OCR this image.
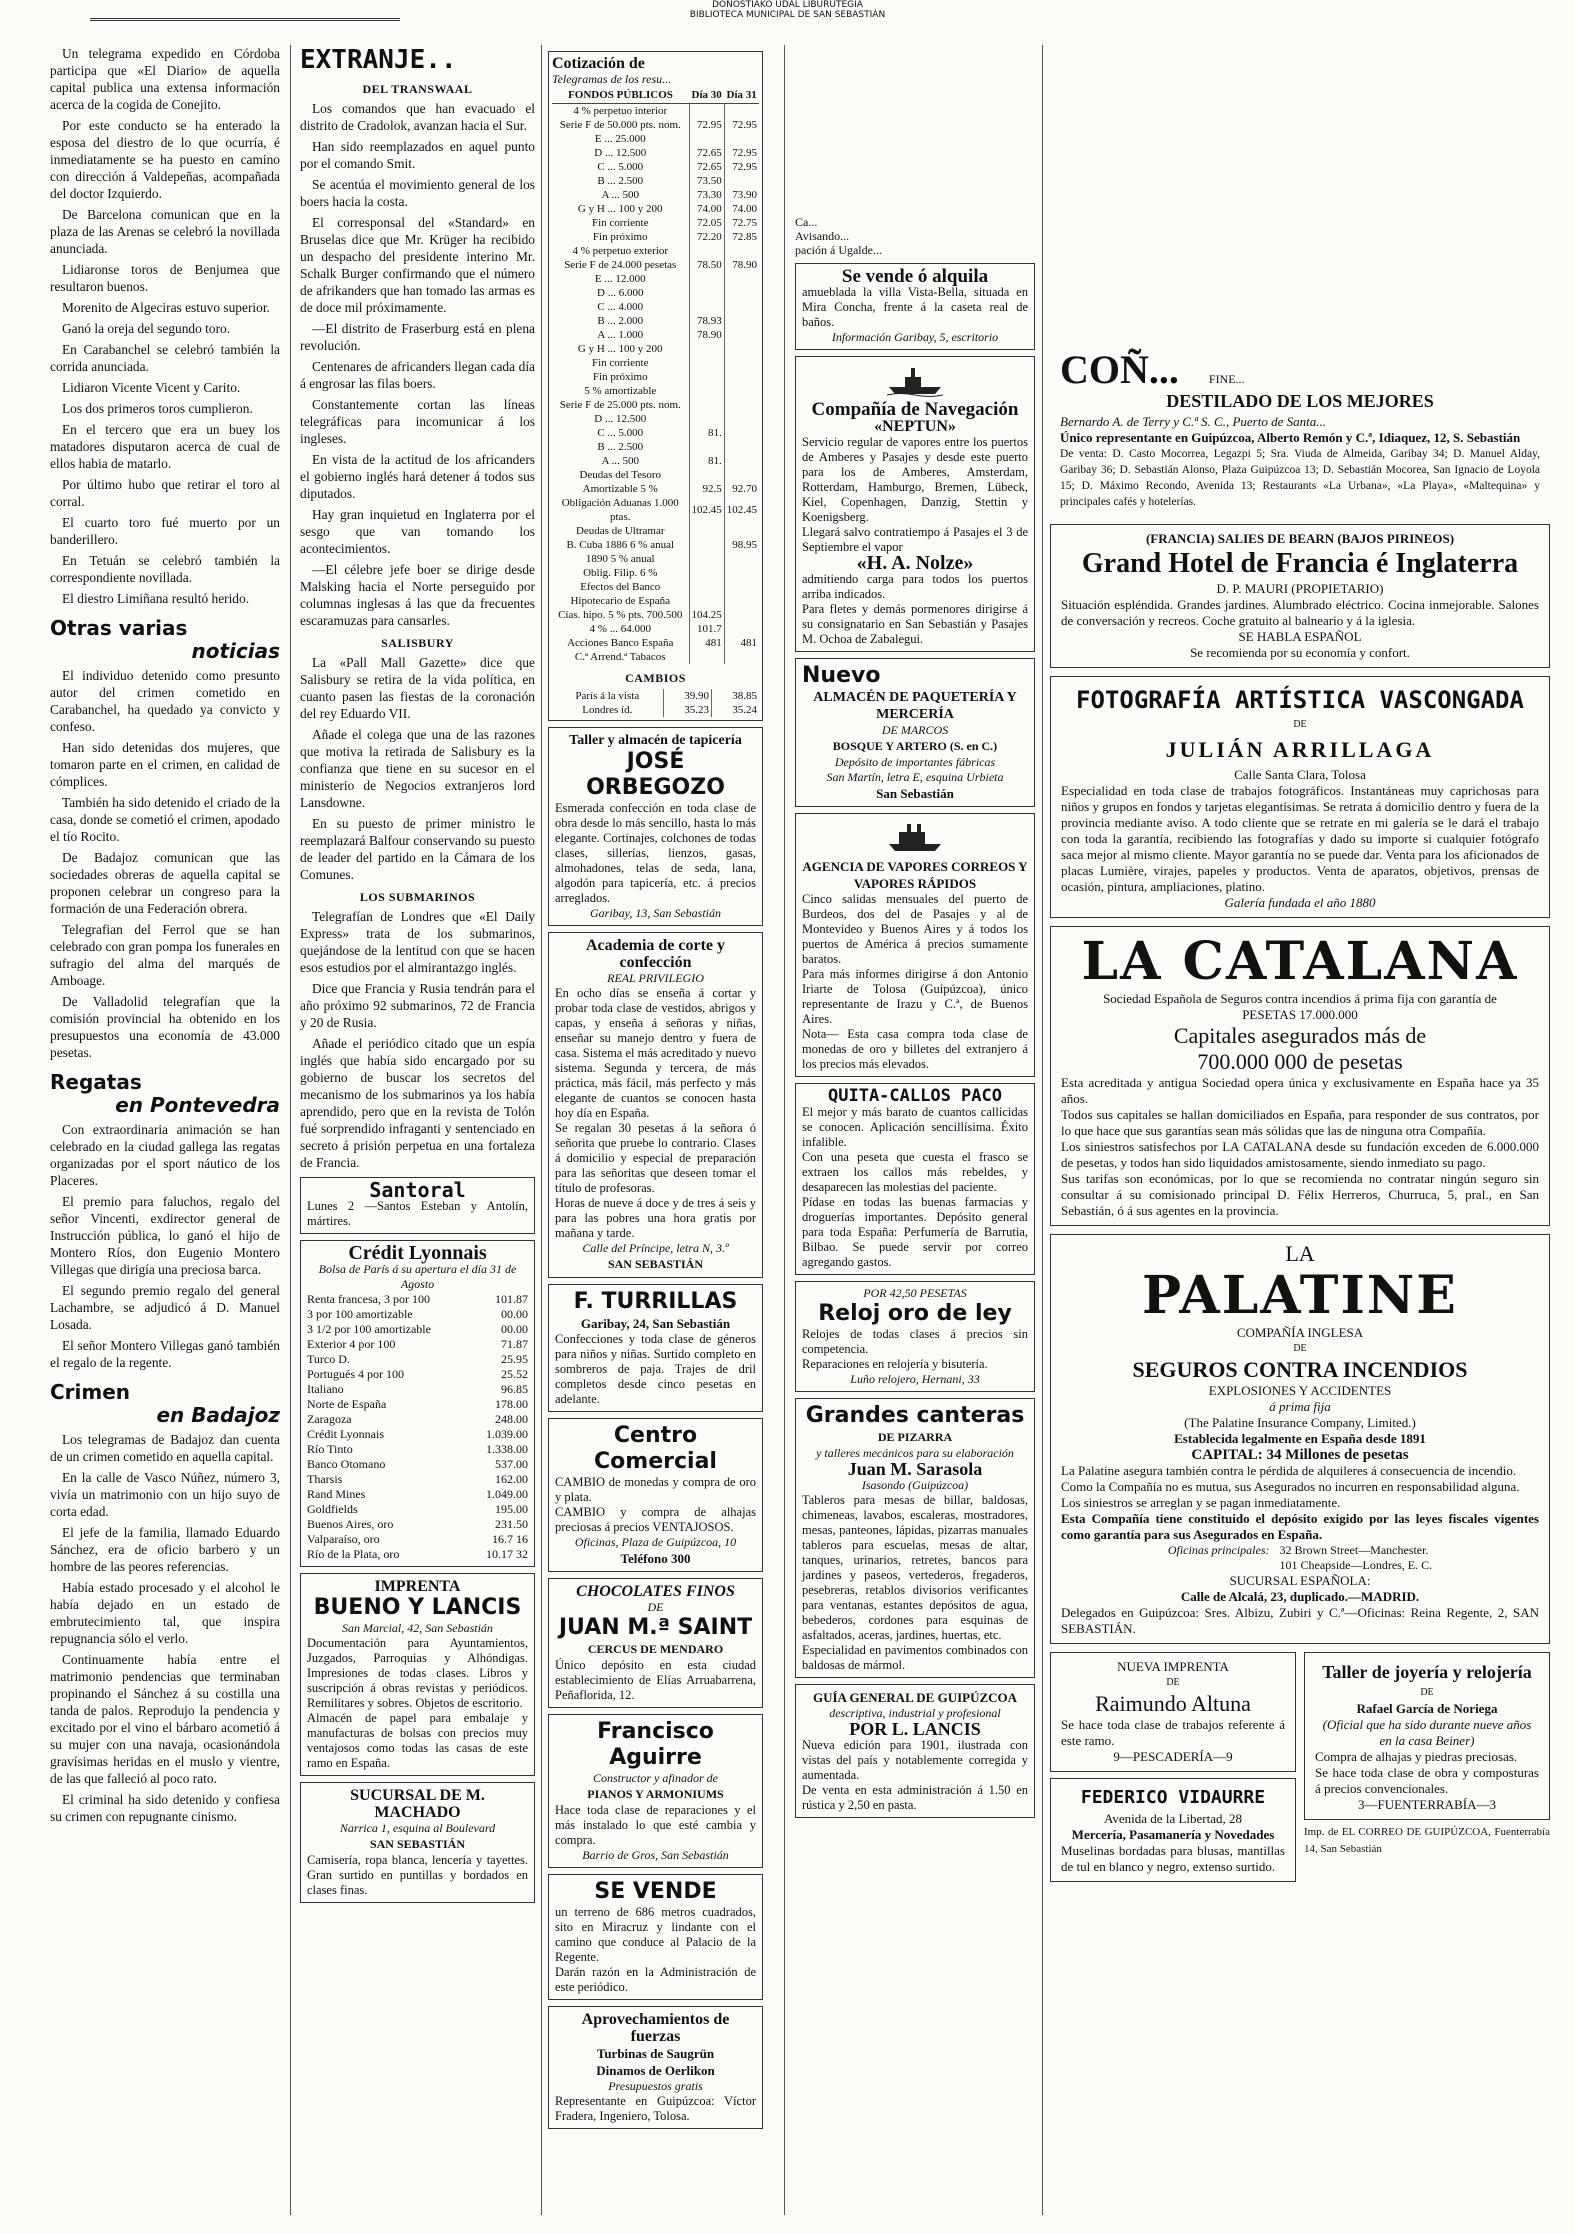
DONOSTIAKO UDAL LIBURUTEGIA
BIBLIOTECA MUNICIPAL DE SAN SEBASTIÁN

Un telegrama expedido en Córdoba participa que «El Diario» de aquella capital publica una extensa información acerca de la cogida de Conejito.

Por este conducto se ha enterado la esposa del diestro de lo que ocurría, é inmediatamente se ha puesto en camino con dirección á Valdepeñas, acompañada del doctor Izquierdo.

De Barcelona comunican que en la plaza de las Arenas se celebró la novillada anunciada.

Lidiaronse toros de Benjumea que resultaron buenos.

Morenito de Algeciras estuvo superior.

Ganó la oreja del segundo toro.

En Carabanchel se celebró también la corrida anunciada.

Lidiaron Vicente Vicent y Carito.

Los dos primeros toros cumplieron.

En el tercero que era un buey los matadores disputaron acerca de cual de ellos habia de matarlo.

Por último hubo que retirar el toro al corral.

El cuarto toro fué muerto por un banderillero.

En Tetuán se celebró también la correspondiente novillada.

El diestro Limiñana resultó herido.

Otras varias
noticias

El individuo detenido como presunto autor del crimen cometido en Carabanchel, ha quedado ya convicto y confeso.

Han sido detenidas dos mujeres, que tomaron parte en el crimen, en calidad de cómplices.

También ha sido detenido el criado de la casa, donde se cometió el crimen, apodado el tío Rocito.

De Badajoz comunican que las sociedades obreras de aquella capital se proponen celebrar un congreso para la formación de una Federación obrera.

Telegrafian del Ferrol que se han celebrado con gran pompa los funerales en sufragio del alma del marqués de Amboage.

De Valladolid telegrafían que la comisión provincial ha obtenido en los presupuestos una economía de 43.000 pesetas.

Regatas
en Pontevedra

Con extraordinaria animación se han celebrado en la ciudad gallega las regatas organizadas por el sport náutico de los Placeres.

El premio para faluchos, regalo del señor Vincenti, exdirector general de Instrucción pública, lo ganó el hijo de Montero Ríos, don Eugenio Montero Villegas que dirigía una preciosa barca.

El segundo premio regalo del general Lachambre, se adjudicó á D. Manuel Losada.

El señor Montero Villegas ganó también el regalo de la regente.

Crimen
en Badajoz

Los telegramas de Badajoz dan cuenta de un crimen cometido en aquella capital.

En la calle de Vasco Núñez, número 3, vivía un matrimonio con un hijo suyo de corta edad.

El jefe de la familia, llamado Eduardo Sánchez, era de oficio barbero y un hombre de las peores referencias.

Había estado procesado y el alcohol le había dejado en un estado de embrutecimiento tal, que inspira repugnancia sólo el verlo.

Continuamente había entre el matrimonio pendencias que terminaban propinando el Sánchez á su costilla una tanda de palos. Reprodujo la pendencia y excitado por el vino el bárbaro acometió á su mujer con una navaja, ocasionándola gravísimas heridas en el muslo y vientre, de las que falleció al poco rato.

El criminal ha sido detenido y confiesa su crimen con repugnante cinismo.

EXTRANJE..
DEL TRANSWAAL

Los comandos que han evacuado el distrito de Cradolok, avanzan hacia el Sur.

Han sido reemplazados en aquel punto por el comando Smit.

Se acentúa el movimiento general de los boers hacia la costa.

El corresponsal del «Standard» en Bruselas dice que Mr. Krüger ha recibido un despacho del presidente interino Mr. Schalk Burger confirmando que el número de afrikanders que han tomado las armas es de doce mil próximamente.

—El distrito de Fraserburg está en plena revolución.

Centenares de africanders llegan cada día á engrosar las filas boers.

Constantemente cortan las líneas telegráficas para incomunicar á los ingleses.

En vista de la actitud de los africanders el gobierno inglés hará detener á todos sus diputados.

Hay gran inquietud en Inglaterra por el sesgo que van tomando los acontecimientos.

—El célebre jefe boer se dirige desde Malsking hacia el Norte perseguido por columnas inglesas á las que da frecuentes escaramuzas para cansarles.

SALISBURY

La «Pall Mall Gazette» dice que Salisbury se retira de la vida política, en cuanto pasen las fiestas de la coronación del rey Eduardo VII.

Añade el colega que una de las razones que motiva la retirada de Salisbury es la confianza que tiene en su sucesor en el ministerio de Negocios extranjeros lord Lansdowne.

En su puesto de primer ministro le reemplazará Balfour conservando su puesto de leader del partido en la Cámara de los Comunes.

LOS SUBMARINOS

Telegrafían de Londres que «El Daily Express» trata de los submarinos, quejándose de la lentitud con que se hacen esos estudios por el almirantazgo inglés.

Dice que Francia y Rusia tendrán para el año próximo 92 submarinos, 72 de Francia y 20 de Rusia.

Añade el periódico citado que un espía inglés que había sido encargado por su gobierno de buscar los secretos del mecanismo de los submarinos ya los había aprendido, pero que en la revista de Tolón fué sorprendido infraganti y sentenciado en secreto á prisión perpetua en una fortaleza de Francia.

Santoral
Lunes 2 —Santos Esteban y Antolín, mártires.
Crédit Lyonnais
Bolsa de París á su apertura el día 31 de Agosto
Renta francesa, 3 por 100	101.87
3 por 100 amortizable	00.00
3 1/2 por 100 amortizable	00.00
Exterior 4 por 100	71.87
Turco D.	25.95
Portugués 4 por 100	25.52
Italiano	96.85
Norte de España	178.00
Zaragoza	248.00
Crédit Lyonnais	1.039.00
Río Tinto	1.338.00
Banco Otomano	537.00
Tharsis	162.00
Rand Mines	1.049.00
Goldfields	195.00
Buenos Aires, oro	231.50
Valparaíso, oro	16.7 16
Río de la Plata, oro	10.17 32
IMPRENTA
BUENO Y LANCIS
San Marcial, 42, San Sebastián
Documentación para Ayuntamientos, Juzgados, Parroquias y Alhóndigas. Impresiones de todas clases. Libros y suscripción á obras revistas y periódicos. Remilitares y sobres. Objetos de escritorio.
Almacén de papel para embalaje y manufacturas de bolsas con precios muy ventajosos como todas las casas de este ramo en España.
SUCURSAL DE M. MACHADO
Narrica 1, esquina al Boulevard
SAN SEBASTIÁN
Camisería, ropa blanca, lencería y tayettes. Gran surtido en puntillas y bordados en clases finas.
Cotización de
Telegramas de los resu...
FONDOS PÚBLICOS	Día 30	Día 31
4 % perpetuo interior		
Serie F de 50.000 pts. nom.	72.95	72.95
E ... 25.000		
D ... 12.500	72.65	72.95
C ... 5.000	72.65	72.95
B ... 2.500	73.50	
A ... 500	73.30	73.90
G y H ... 100 y 200	74.00	74.00
Fin corriente	72.05	72.75
Fin próximo	72.20	72.85
4 % perpetuo exterior		
Serie F de 24.000 pesetas	78.50	78.90
E ... 12.000		
D ... 6.000		
C ... 4.000		
B ... 2.000	78.93	
A ... 1.000	78.90	
G y H ... 100 y 200		
Fin corriente		
Fin próximo		
5 % amortizable		
Serie F de 25.000 pts. nom.		
D ... 12.500		
C ... 5.000	81.	
B ... 2.500		
A ... 500	81.	
Deudas del Tesoro		
Amortizable 5 %	92.5	92.70
Obligación Aduanas 1.000 ptas.	102.45	102.45
Deudas de Ultramar		
B. Cuba 1886 6 % anual		98.95
1890 5 % anual		
Oblig. Filip. 6 %		
Efectos del Banco Hipotecario de España		
Cías. hipo. 5 % pts. 700.500	104.25	
4 % ... 64.000	101.7	
Acciones Banco España	481	481
C.ª Arrend.ª Tabacos		
CAMBIOS
París á la vista	39.90	38.85
Londres íd.	35.23	35.24
Taller y almacén de tapicería
JOSÉ ORBEGOZO
Esmerada confección en toda clase de obra desde lo más sencillo, hasta lo más elegante. Cortinajes, colchones de todas clases, sillerías, lienzos, gasas, almohadones, telas de seda, lana, algodón para tapicería, etc. á precios arreglados.
Garibay, 13, San Sebastián
Academia de corte y confección
REAL PRIVILEGIO
En ocho días se enseña á cortar y probar toda clase de vestidos, abrigos y capas, y enseña á señoras y niñas, enseñar su manejo dentro y fuera de casa. Sistema el más acreditado y nuevo sistema. Segunda y tercera, de más práctica, más fácil, más perfecto y más elegante de cuantos se conocen hasta hoy día en España.
Se regalan 30 pesetas á la señora ó señorita que pruebe lo contrario. Clases á domicilio y especial de preparación para las señoritas que deseen tomar el título de profesoras.
Horas de nueve á doce y de tres á seis y para las pobres una hora gratis por mañana y tarde.
Calle del Príncipe, letra N, 3.º
SAN SEBASTIÁN
F. TURRILLAS
Garibay, 24, San Sebastián
Confecciones y toda clase de géneros para niños y niñas. Surtido completo en sombreros de paja. Trajes de dril completos desde cinco pesetas en adelante.
Centro Comercial
CAMBIO de monedas y compra de oro y plata.
CAMBIO y compra de alhajas preciosas á precios VENTAJOSOS.
Oficinas, Plaza de Guipúzcoa, 10
Teléfono 300
CHOCOLATES FINOS
DE
JUAN M.ª SAINT
CERCUS DE MENDARO
Único depósito en esta ciudad establecimiento de Elías Arruabarrena, Peñaflorida, 12.
Francisco Aguirre
Constructor y afinador de
PIANOS Y ARMONIUMS
Hace toda clase de reparaciones y el más instalado lo que esté cambia y compra.
Barrio de Gros, San Sebastián
SE VENDE
un terreno de 686 metros cuadrados, sito en Miracruz y lindante con el camino que conduce al Palacio de la Regente.
Darán razón en la Administración de este periódico.
Aprovechamientos de fuerzas
Turbinas de Saugrün
Dinamos de Oerlikon
Presupuestos gratis
Representante en Guipúzcoa: Víctor Fradera, Ingeniero, Tolosa.
Ca...
Avisando...
pación á Ugalde...
Se vende ó alquila
amueblada la villa Vista-Bella, situada en Mira Concha, frente á la caseta real de baños.
Información Garibay, 5, escritorio
Compañía de Navegación
«NEPTUN»
Servicio regular de vapores entre los puertos de Amberes y Pasajes y desde este puerto para los de Amberes, Amsterdam, Rotterdam, Hamburgo, Bremen, Lübeck, Kiel, Copenhagen, Danzig, Stettin y Koenigsberg.
Llegará salvo contratiempo á Pasajes el 3 de Septiembre el vapor
«H. A. Nolze»
admitiendo carga para todos los puertos arriba indicados.
Para fletes y demás pormenores dirigirse á su consignatario en San Sebastián y Pasajes M. Ochoa de Zabalegui.
Nuevo
ALMACÉN DE PAQUETERÍA Y MERCERÍA
DE MARCOS
BOSQUE Y ARTERO (S. en C.)
Depósito de importantes fábricas
San Martín, letra E, esquina Urbieta
San Sebastián
AGENCIA DE VAPORES CORREOS Y VAPORES RÁPIDOS
Cinco salidas mensuales del puerto de Burdeos, dos del de Pasajes y al de Montevideo y Buenos Aires y á todos los puertos de América á precios sumamente baratos.
Para más informes dirigirse á don Antonio Iriarte de Tolosa (Guipúzcoa), único representante de Irazu y C.ª, de Buenos Aires.
Nota— Esta casa compra toda clase de monedas de oro y billetes del extranjero á los precios más elevados.
QUITA-CALLOS PACO
El mejor y más barato de cuantos callicidas se conocen. Aplicación sencillísima. Éxito infalible.
Con una peseta que cuesta el frasco se extraen los callos más rebeldes, y desaparecen las molestias del paciente.
Pídase en todas las buenas farmacias y droguerías importantes. Depósito general para toda España: Perfumería de Barrutia, Bilbao. Se puede servir por correo agregando gastos.
POR 42,50 PESETAS
Reloj oro de ley
Relojes de todas clases á precios sin competencia.
Reparaciones en relojería y bisutería.
Luño relojero, Hernani, 33
Grandes canteras
DE PIZARRA
y talleres mecánicos para su elaboración
Juan M. Sarasola
Isasondo (Guipúzcoa)
Tableros para mesas de billar, baldosas, chimeneas, lavabos, escaleras, mostradores, mesas, panteones, lápidas, pizarras manuales tableros para escuelas, mesas de altar, tanques, urinarios, retretes, bancos para jardines y paseos, vertederos, fregaderos, pesebreras, retablos divisorios verificantes para ventanas, estantes depósitos de agua, bebederos, cordones para esquinas de asfaltados, aceras, jardines, huertas, etc.
Especialidad en pavimentos combinados con baldosas de mármol.
GUÍA GENERAL DE GUIPÚZCOA
descriptiva, industrial y profesional
POR L. LANCIS
Nueva edición para 1901, ilustrada con vistas del país y notablemente corregida y aumentada.
De venta en esta administración á 1.50 en rústica y 2,50 en pasta.
COÑ...	FINE...
DESTILADO DE LOS MEJORES
Bernardo A. de Terry y C.ª S. C., Puerto de Santa...
Único representante en Guipúzcoa, Alberto Remón y C.ª, Idiaquez, 12, S. Sebastián
De venta: D. Casto Mocorrea, Legazpi 5; Sra. Viuda de Almeida, Garibay 34; D. Manuel Alday, Garibay 36; D. Sebastián Alonso, Plaza Guipúzcoa 13; D. Sebastián Mocorea, San Ignacio de Loyola 15; D. Máximo Recondo, Avenida 13; Restaurants «La Urbana», «La Playa», «Maltequina» y principales cafés y hotelerías.
(FRANCIA) SALIES DE BEARN (BAJOS PIRINEOS)
Grand Hotel de Francia é Inglaterra
D. P. MAURI (PROPIETARIO)
Situación espléndida. Grandes jardines. Alumbrado eléctrico. Cocina inmejorable. Salones de conversación y recreos. Coche gratuito al balneario y á la iglesia.
SE HABLA ESPAÑOL
Se recomienda por su economía y confort.
FOTOGRAFÍA ARTÍSTICA VASCONGADA
DE
JULIÁN ARRILLAGA
Calle Santa Clara, Tolosa
Especialidad en toda clase de trabajos fotográficos. Instantáneas muy caprichosas para niños y grupos en fondos y tarjetas elegantísimas. Se retrata á domicilio dentro y fuera de la provincia mediante aviso. A todo cliente que se retrate en mi galería se le dará el trabajo con toda la garantía, recibiendo las fotografías y dado su importe si cualquier fotógrafo saca mejor al mismo cliente. Mayor garantía no se puede dar. Venta para los aficionados de placas Lumière, virajes, papeles y productos. Venta de aparatos, objetivos, prensas de ocasión, pintura, ampliaciones, platino.
Galería fundada el año 1880
LA CATALANA
Sociedad Española de Seguros contra incendios á prima fija con garantía de
PESETAS 17.000.000
Capitales asegurados más de
700.000 000 de pesetas
Esta acreditada y antigua Sociedad opera única y exclusivamente en España hace ya 35 años.
Todos sus capitales se hallan domiciliados en España, para responder de sus contratos, por lo que hace que sus garantías sean más sólidas que las de ninguna otra Compañía.
Los siniestros satisfechos por LA CATALANA desde su fundación exceden de 6.000.000 de pesetas, y todos han sido liquidados amistosamente, siendo inmediato su pago.
Sus tarifas son económicas, por lo que se recomienda no contratar ningún seguro sin consultar á su comisionado principal D. Félix Herreros, Churruca, 5, pral., en San Sebastián, ó á sus agentes en la provincia.
LA
PALATINE
COMPAÑÍA INGLESA
DE
SEGUROS CONTRA INCENDIOS
EXPLOSIONES Y ACCIDENTES
á prima fija
(The Palatine Insurance Company, Limited.)
Establecida legalmente en España desde 1891
CAPITAL: 34 Millones de pesetas
La Palatine asegura también contra le pérdida de alquileres á consecuencia de incendio.
Como la Compañía no es mutua, sus Asegurados no incurren en responsabilidad alguna.
Los siniestros se arreglan y se pagan inmediatamente.
Esta Compañía tiene constituido el depósito exigido por las leyes fiscales vigentes como garantía para sus Asegurados en España.
Oficinas principales: 32 Brown Street—Manchester.
101 Cheapside—Londres, E. C.
SUCURSAL ESPAÑOLA:
Calle de Alcalá, 23, duplicado.—MADRID.
Delegados en Guipúzcoa: Sres. Albizu, Zubiri y C.ª—Oficinas: Reina Regente, 2, SAN SEBASTIÁN.
NUEVA IMPRENTA
DE
Raimundo Altuna
Se hace toda clase de trabajos referente á este ramo.
9—PESCADERÍA—9
FEDERICO VIDAURRE
Avenida de la Libertad, 28
Mercería, Pasamanería y Novedades
Muselinas bordadas para blusas, mantillas de tul en blanco y negro, extenso surtido.
Taller de joyería y relojería
DE
Rafael García de Noriega
(Oficial que ha sido durante nueve años en la casa Beiner)
Compra de alhajas y piedras preciosas.
Se hace toda clase de obra y composturas á precios convencionales.
3—FUENTERRABÍA—3
Imp. de EL CORREO DE GUIPÚZCOA, Fuenterrabía 14, San Sebastián
